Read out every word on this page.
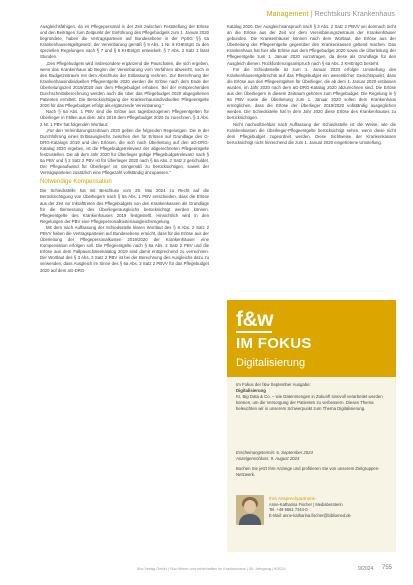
Management | Rechtskurs Krankenhaus

Ausgleichsfähigen, da es Pflegepersonal in der Zeit zwischen Feststellung der Erlöse und den Beiträgen zum Zeitpunkt der Einführung des Pflegebudgets zum 1. Januar 2020 begründete, haben die Vertragsparteien auf Bundesebene in der PpSG §§ 6a Krankenhausentgeltgesetz, der Vereinbarung gemäß § 9 Abs. 1 Nr. 8 KHEntgG zu den speziellen Regelungen nach § 7 und § 8 KHEntgG entwickelt. § 7 Abs. 2 Satz 1 lässt Stunden.

„Des Pflegebudgets wird insbesondere ergänzend die Pauschalen, die sich ergeben, wenn das Krankenhaus ab Beginn der Vereinbarung vom Verfahren abweicht, noch in den Budgetzeitraum mit dem Abschluss der Entlassung rechnen. Zur Berechnung der Krankenhausindividuellen Pflegeentgelte 2020 werden die Erlöse nach dem Ende der Überleitungszeit 2019/2020 aus dem Pflegebudget erhoben. Bei der entsprechenden Durchschnittsberechnung werden auch die über das Pflegebudget 2020 abgegoltenen Patienten ermittelt. Die Berücksichtigung der Krankenhausindividuellen Pflegeentgelte 2020 für das Pflegebudget erfolgt als ergänzende Vereinbarung.“

Nach § 6a Abs. 1 PBV sind die Erlöse aus tagesbezogenen Pflegeentgelten für Überlieger in Fällen aus dem Jahr 2019 dem Pflegebudget 2020 zu zurechnen. § 3 Abs. 2 Nr. 1 PBV hat folgenden Wortlaut:

„Für den Vereinbarungszeitraum 2020 gelten die folgenden Regelungen. Die in der Durchführung eines Erlösausgleichs zwischen den für Erlösen auf Grundlage des G-DRG-Katalogs 2019 und den Erlösen, die sich nach Überleitung auf den aG-DRG-Katalog 2020 ergeben, ist die Pflegebudgetrelevanz der abgerechneten Pflegeentgelte festzustellen. Die ab dem Jahr 2020 für Überlieger gültige Pflegebudgetrelevanz nach § 6a PBV und § 2 Satz 2 PBV ist für Überlieger 2020 nach § 6a Abs. 2 Satz 2 geschuldet. Der Pflegeaufwand für Überlieger ist sinngemäß zu berücksichtigen, soweit der Vertragsparteien zusätzlich eine Pflegezahl vollständig anzupassen.“

Notwendige Kompensation

Die Schiedsstelle hat mit Beschluss vom 28. Mai 2024 zu Recht auf die Berücksichtigung von Überliegern nach § 6a Abs. 1 PBV entschieden, dass die Erlöse aus der Zeit vor Inkrafttreten des Pflegebudgets von den Krankenkassen als Grundlage für die Bemessung des Überliegerausgleichs berücksichtigt werden können. Pflegeentgelte des Krankenhauses 2019 festgestellt. Hinsichtlich wird in den Regelungen der PBV eine Pflegepersonalkostenausgleichsregelung.

Mit dem nach Auffassung der Schiedsstelle klaren Wortlaut des § 8 Abs. 2 Satz 2 PBVV haben die Vertragsparteien auf Bundesebene erreicht, dass für die Erlöse aus der Überleitung der Pflegepersonalkosten 2019/2020 der Krankenhäuser eine Kompensation erfolgen soll. Die Pflegeentgelte nach § 6a Abs. 2 Satz 2 PBV und die Erlöse aus dem Fallpauschalenkatalog 2019 sind damit entsprechend zu verrechnen. Der Wortlaut des § 3 Abs. 2 Satz 2 PBV ist bei der Berechnung des Ausgleichs dazu zu verwenden, dass Ausgleich im Sinne des § 6a Abs. 2 Satz 2 PBVV für das Pflegebudget 2020 auf dem aG-DRG-

Katalog 2020. Der Ausgleichsanspruch nach § 3 Abs. 2 Satz 2 PBVV sei demnach nicht an die Erlöse aus der Zeit vor dem Vereinbarungszeitraum der Krankenhäuser gebunden. Die Krankenhäuser können nach dem Wortlaut, die Erlöse aus der Überleitung der Pflegeentgelte gegenüber den Krankenkassen geltend machen. Das Krankenhaus hat hier alle Erlöse aus dem Pflegebudget 2020 sowie die Überleitung der Pflegeentgelte zum 1. Januar 2020 vorzutragen, da diese als Grundlage für den Ausgleich dienen. Rückforderungsanspruch nach § 6a Abs. 2 KHEntgG besteht.

Für die Schiedsstelle ist zum 1. Januar 2020 erfolgte Umstellung des Krankenhausentgeltrechts auf das Pflegebudget ein wesentlicher Gesichtspunkt, dass die Erlöse aus den Pflegeentgelten für Überlieger, die ab dem 1. Januar 2020 entlassen wurden, im Jahr 2020 nach dem aG-DRG-Katalog 2020 abzurechnen sind. Die Erlöse aus den Überliegern in diesem Zeitraum gehören zum Pflegebudget. Die Regelung in § 6a PBV sowie die Überleitung zum 1. Januar 2020 sollen dem Krankenhaus ermöglichen, dass die Erlöse der Überlieger 2019/2020 vollständig ausgeglichen werden. Die Schiedsstelle hat in dem Jahr 2020 diese Erlöse des Krankenhauses zu berücksichtigen.

Nicht nachvollziehbar nach Auffassung der Schiedsstelle ist die Weise, wie die Krankenkassen die Überlieger-Pflegeentgelte berücksichtigt sehen, wenn diese nicht dem Pflegebudget zugeordnet werden. Diese Sichtweise der Krankenkassen berücksichtigt nicht hinreichend die zum 1. Januar 2020 eingetretene Umstellung.

f&w
IM FOKUS
Digitalisierung

Im Fokus der f&w September Ausgabe:
Digitalisierung
KI, Big Data & Co. – wie Datenmengen in Zukunft sinnvoll verarbeitet werden können, um die Versorgung der Patienten zu verbessern. Dieses Thema beleuchten wir in unserem Schwerpunkt zum Thema Digitalisierung.

Erscheinungstermin: 6. September 2024
Anzeigenschluss: 9. August 2024
Buchen Sie jetzt Ihre Anzeige und profitieren Sie von unserem Zielgruppen-Netzwerk.
Ihre Ansprechpartnerin
Anne-Katharina Fischer | Mediaberaterin
Tel. +49 5661 7344-0
E-Mail: anne-katharina.fischer@bibliomed.de
f&w Verlag GmbH | f&w führen und wirtschaften im Krankenhaus | 39. Jahrgang | 9/2024	9/2024 755
